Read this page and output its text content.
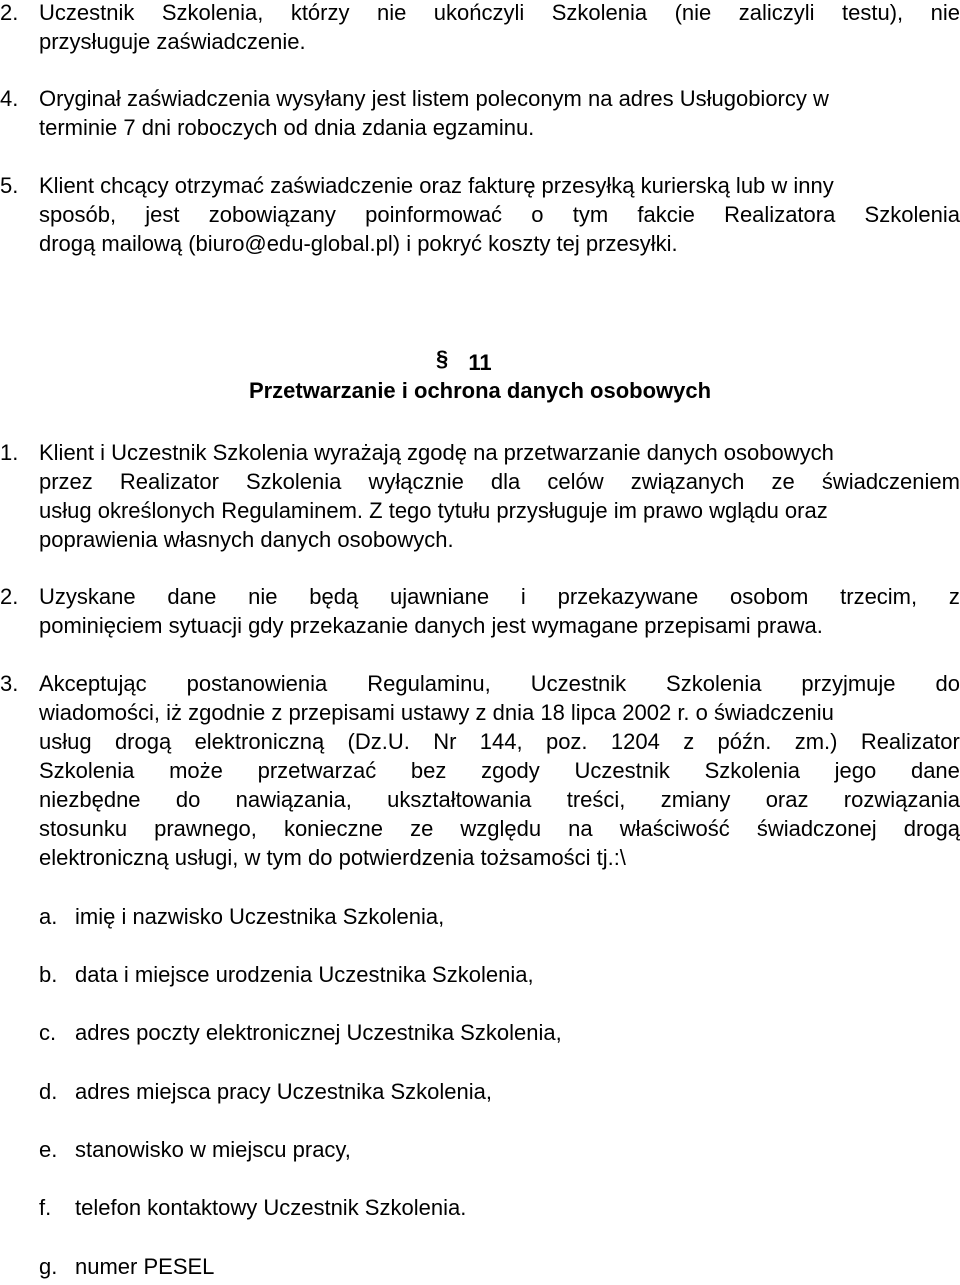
2. Uczestnik Szkolenia, którzy nie ukończyli Szkolenia (nie zaliczyli testu), nie
przysługuje zaświadczenie.
4. Oryginał zaświadczenia wysyłany jest listem poleconym na adres Usługobiorcy w
terminie 7 dni roboczych od dnia zdania egzaminu.
5. Klient chcący otrzymać zaświadczenie oraz fakturę przesyłką kurierską lub w inny
sposób, jest zobowiązany poinformować o tym fakcie Realizatora Szkolenia
drogą mailową (biuro@edu-global.pl) i pokryć koszty tej przesyłki.
11
§
Przetwarzanie i ochrona danych osobowych
1. Klient i Uczestnik Szkolenia wyrażają zgodę na przetwarzanie danych osobowych
przez Realizator Szkolenia wyłącznie dla celów związanych ze świadczeniem
usług określonych Regulaminem. Z tego tytułu przysługuje im prawo wglądu oraz
poprawienia własnych danych osobowych.
2. Uzyskane dane nie będą ujawniane i przekazywane osobom trzecim, z
pominięciem sytuacji gdy przekazanie danych jest wymagane przepisami prawa.
3. Akceptując postanowienia Regulaminu, Uczestnik Szkolenia przyjmuje do
wiadomości, iż zgodnie z przepisami ustawy z dnia 18 lipca 2002 r. o świadczeniu
usług drogą elektroniczną (Dz.U. Nr 144, poz. 1204 z późn. zm.) Realizator
Szkolenia może przetwarzać bez zgody Uczestnik Szkolenia jego dane
niezbędne do nawiązania, ukształtowania treści, zmiany oraz rozwiązania
stosunku prawnego, konieczne ze względu na właściwość świadczonej drogą
elektroniczną usługi, w tym do potwierdzenia tożsamości tj.:\
a. imię i nazwisko Uczestnika Szkolenia,
b. data i miejsce urodzenia Uczestnika Szkolenia,
c. adres poczty elektronicznej Uczestnika Szkolenia,
d. adres miejsca pracy Uczestnika Szkolenia,
e. stanowisko w miejscu pracy,
f. telefon kontaktowy Uczestnik Szkolenia.
g. numer PESEL
